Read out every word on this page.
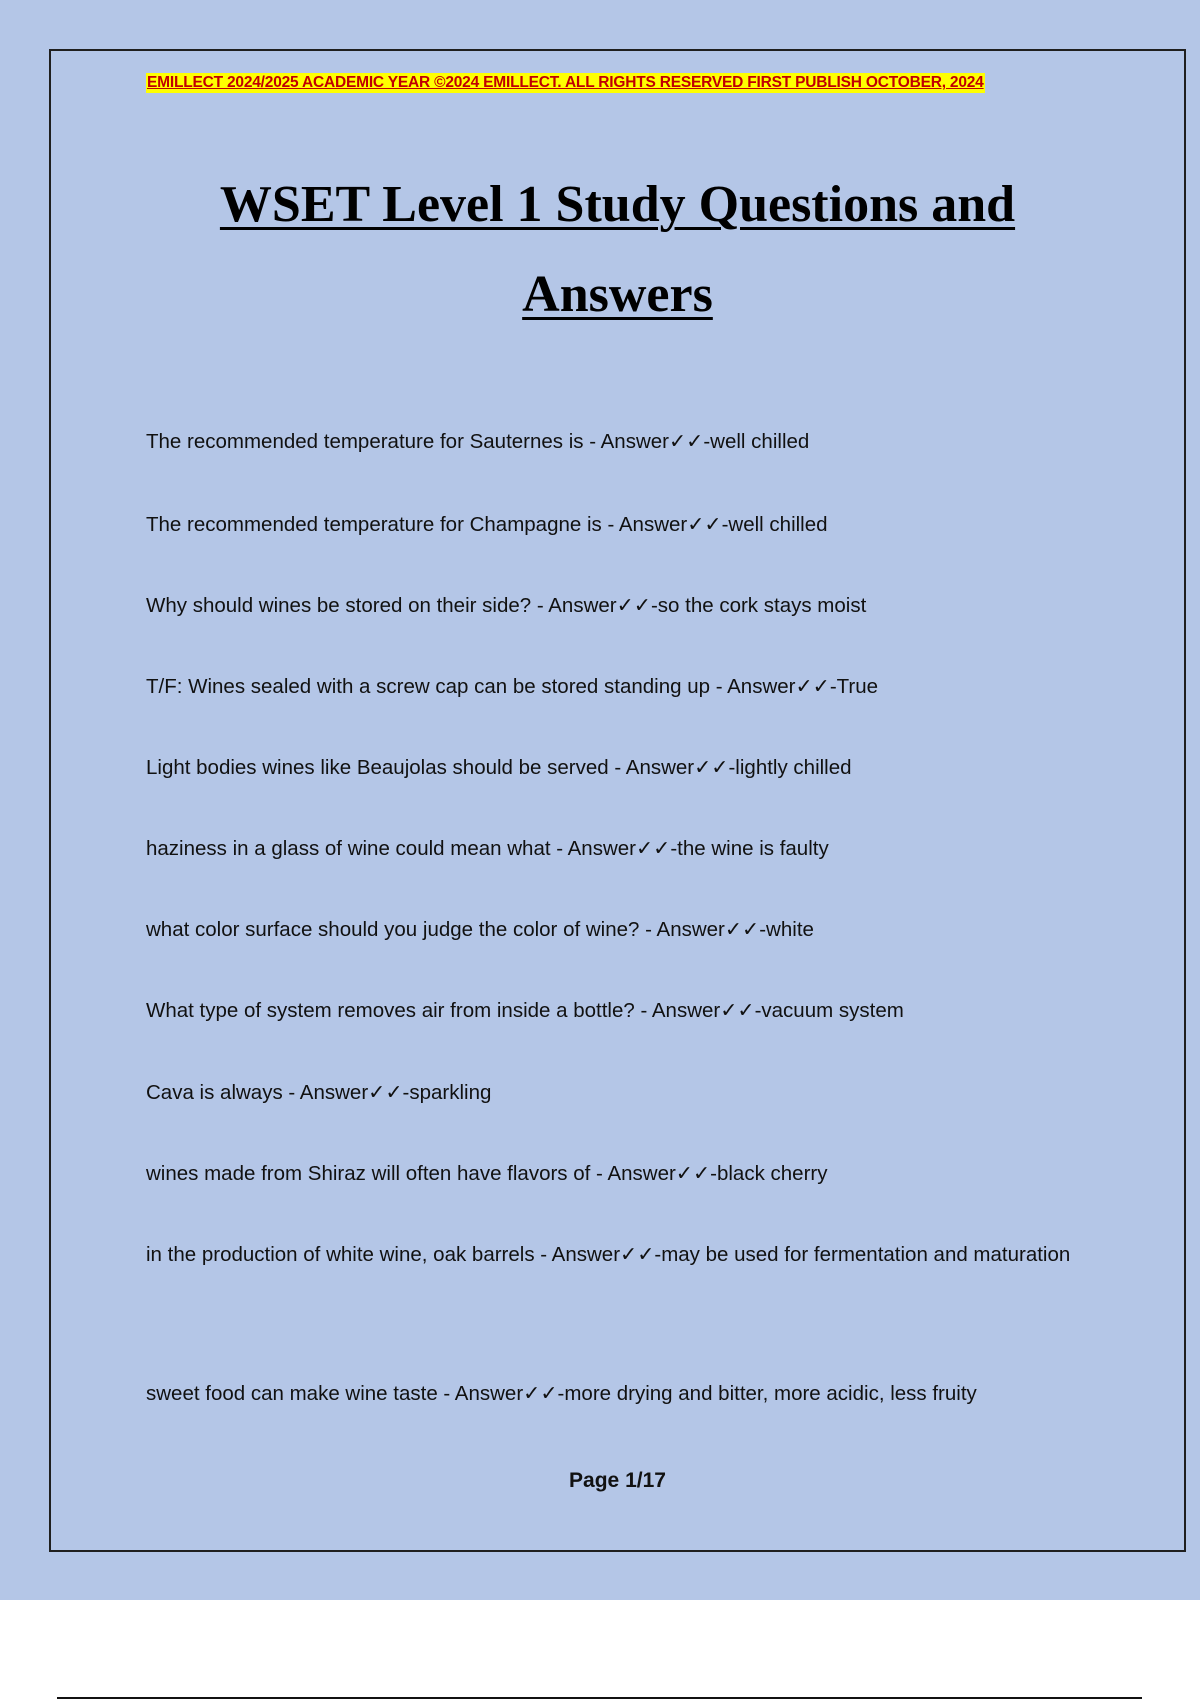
EMILLECT 2024/2025 ACADEMIC YEAR ©2024 EMILLECT. ALL RIGHTS RESERVED FIRST PUBLISH OCTOBER, 2024
WSET Level 1 Study Questions and Answers
The recommended temperature for Sauternes is - Answer✓✓-well chilled
The recommended temperature for Champagne is - Answer✓✓-well chilled
Why should wines be stored on their side? - Answer✓✓-so the cork stays moist
T/F: Wines sealed with a screw cap can be stored standing up - Answer✓✓-True
Light bodies wines like Beaujolas should be served - Answer✓✓-lightly chilled
haziness in a glass of wine could mean what - Answer✓✓-the wine is faulty
what color surface should you judge the color of wine? - Answer✓✓-white
What type of system removes air from inside a bottle? - Answer✓✓-vacuum system
Cava is always - Answer✓✓-sparkling
wines made from Shiraz will often have flavors of - Answer✓✓-black cherry
in the production of white wine, oak barrels - Answer✓✓-may be used for fermentation and maturation
sweet food can make wine taste - Answer✓✓-more drying and bitter, more acidic, less fruity
Page 1/17
